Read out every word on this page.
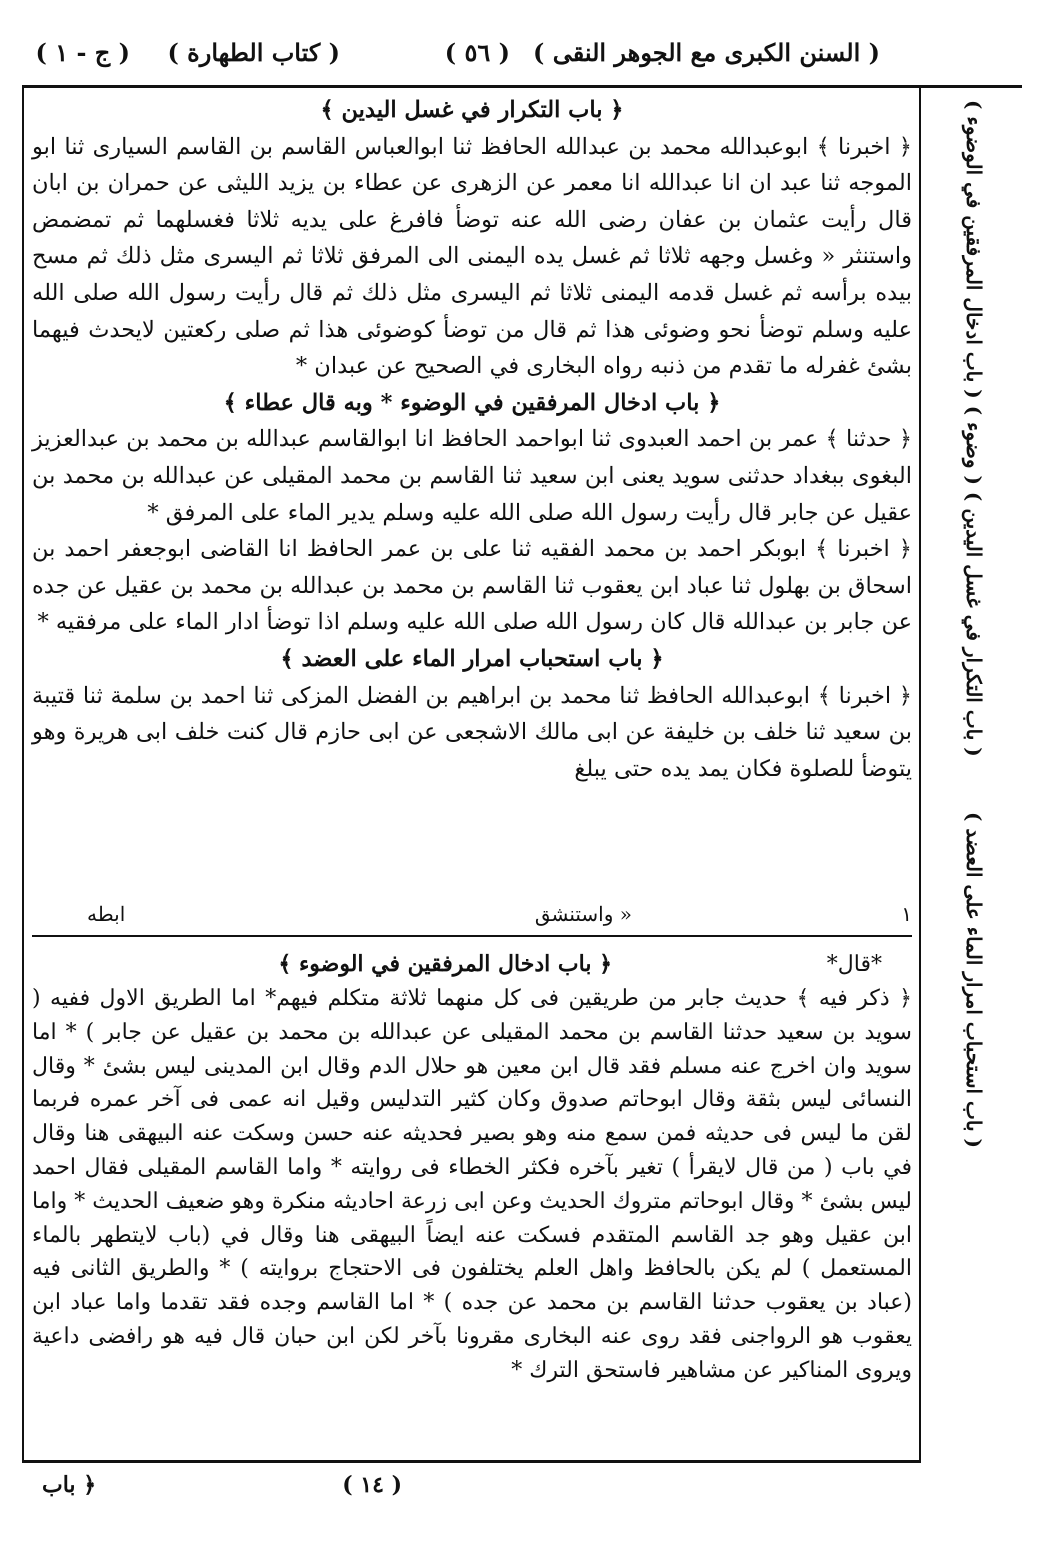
( السنن الكبرى مع الجوهر النقى )
( ٥٦ )
( كتاب الطهارة )
( ج - ١ )
( باب التكرار في غسل اليدين ) ( وضوء ) ( باب ادخال المرفقين في الوضوء )
( باب استحباب امرار الماء على العضد )

﴿ باب التكرار في غسل اليدين ﴾

﴿ اخبرنا ﴾ ابوعبدالله محمد بن عبدالله الحافظ ثنا ابوالعباس القاسم بن القاسم السيارى ثنا ابو الموجه ثنا عبد ان انا عبدالله انا معمر عن الزهرى عن عطاء بن يزيد الليثى عن حمران بن ابان قال رأيت عثمان بن عفان رضى الله عنه توضأ فافرغ على يديه ثلاثا فغسلهما ثم تمضمض واستنثر « وغسل وجهه ثلاثا ثم غسل يده اليمنى الى المرفق ثلاثا ثم اليسرى مثل ذلك ثم مسح بيده برأسه ثم غسل قدمه اليمنى ثلاثا ثم اليسرى مثل ذلك ثم قال رأيت رسول الله صلى الله عليه وسلم توضأ نحو وضوئى هذا ثم قال من توضأ كوضوئى هذا ثم صلى ركعتين لايحدث فيهما بشئ غفرله ما تقدم من ذنبه رواه البخارى في الصحيح عن عبدان *

﴿ باب ادخال المرفقين في الوضوء * وبه قال عطاء ﴾

﴿ حدثنا ﴾ عمر بن احمد العبدوى ثنا ابواحمد الحافظ انا ابوالقاسم عبدالله بن محمد بن عبدالعزيز البغوى ببغداد حدثنى سويد يعنى ابن سعيد ثنا القاسم بن محمد المقيلى عن عبدالله بن محمد بن عقيل عن جابر قال رأيت رسول الله صلى الله عليه وسلم يدير الماء على المرفق *

﴿ اخبرنا ﴾ ابوبكر احمد بن محمد الفقيه ثنا على بن عمر الحافظ انا القاضى ابوجعفر احمد بن اسحاق بن بهلول ثنا عباد ابن يعقوب ثنا القاسم بن محمد بن عبدالله بن محمد بن عقيل عن جده عن جابر بن عبدالله قال كان رسول الله صلى الله عليه وسلم اذا توضأ ادار الماء على مرفقيه *

﴿ باب استحباب امرار الماء على العضد ﴾

﴿ اخبرنا ﴾ ابوعبدالله الحافظ ثنا محمد بن ابراهيم بن الفضل المزكى ثنا احمد بن سلمة ثنا قتيبة بن سعيد ثنا خلف بن خليفة عن ابى مالك الاشجعى عن ابى حازم قال كنت خلف ابى هريرة وهو يتوضأ للصلوة فكان يمد يده حتى يبلغ

١
« واستنشق
ابطه
﴿ باب ادخال المرفقين في الوضوء ﴾	*قال*

﴿ ذكر فيه ﴾ حديث جابر من طريقين فى كل منهما ثلاثة متكلم فيهم* اما الطريق الاول ففيه ( سويد بن سعيد حدثنا القاسم بن محمد المقيلى عن عبدالله بن محمد بن عقيل عن جابر ) * اما سويد وان اخرج عنه مسلم فقد قال ابن معين هو حلال الدم وقال ابن المدينى ليس بشئ * وقال النسائى ليس بثقة وقال ابوحاتم صدوق وكان كثير التدليس وقيل انه عمى فى آخر عمره فربما لقن ما ليس فى حديثه فمن سمع منه وهو بصير فحديثه عنه حسن وسكت عنه البيهقى هنا وقال في باب ( من قال لايقرأ ) تغير بآخره فكثر الخطاء فى روايته * واما القاسم المقيلى فقال احمد ليس بشئ * وقال ابوحاتم متروك الحديث وعن ابى زرعة احاديثه منكرة وهو ضعيف الحديث * واما ابن عقيل وهو جد القاسم المتقدم فسكت عنه ايضاً البيهقى هنا وقال في (باب لايتطهر بالماء المستعمل ) لم يكن بالحافظ واهل العلم يختلفون فى الاحتجاج بروايته ) * والطريق الثانى فيه (عباد بن يعقوب حدثنا القاسم بن محمد عن جده ) * اما القاسم وجده فقد تقدما واما عباد ابن يعقوب هو الرواجنى فقد روى عنه البخارى مقرونا بآخر لكن ابن حبان قال فيه هو رافضى داعية ويروى المناكير عن مشاهير فاستحق الترك *

( ١٤ )
﴿ باب
